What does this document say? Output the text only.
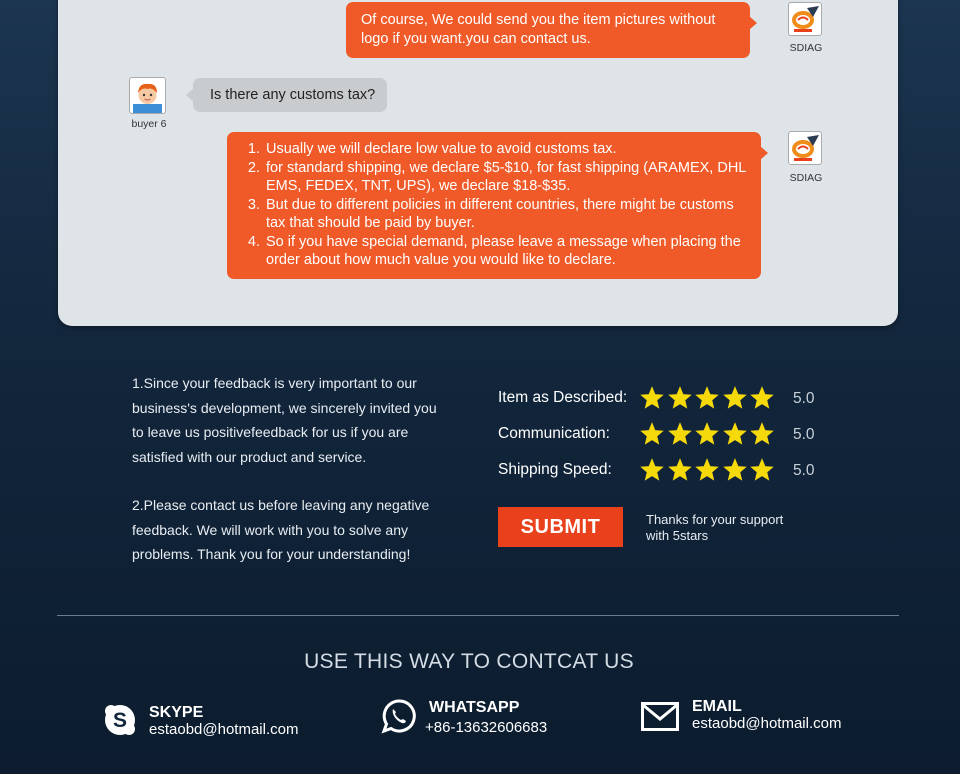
Of course, We could send you the item pictures without logo if you want.you can contact us.
SDIAG
buyer 6
Is there any customs tax?
1. Usually we will declare low value to avoid customs tax.
2. for standard shipping, we declare $5-$10, for fast shipping (ARAMEX, DHL EMS, FEDEX, TNT, UPS), we declare $18-$35.
3. But due to different policies in different countries, there might be customs tax that should be paid by buyer.
4. So if you have special demand, please leave a message when placing the order about how much value you would like to declare.
SDIAG

1.Since your feedback is very important to our business's development, we sincerely invited you to leave us positivefeedback for us if you are satisfied with our product and service.

2.Please contact us before leaving any negative feedback. We will work with you to solve any problems. Thank you for your understanding!

Item as Described:	5.0
Communication:	5.0
Shipping Speed:	5.0
SUBMIT	Thanks for your support
with 5stars
USE THIS WAY TO CONTCAT US
S SKYPE
estaobd@hotmail.com
WHATSAPP
+86-13632606683
EMAIL
estaobd@hotmail.com
